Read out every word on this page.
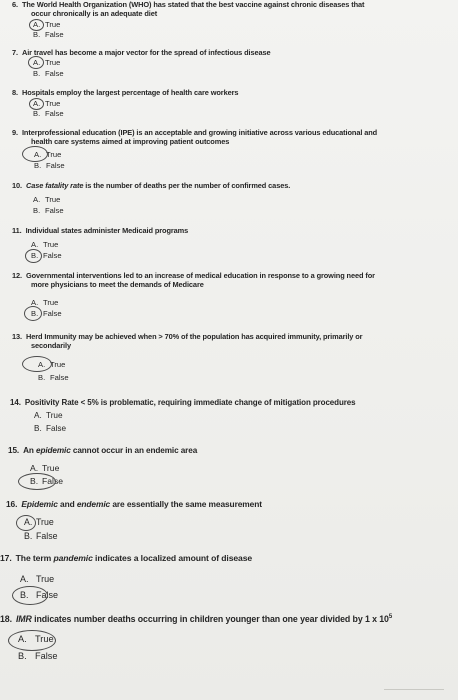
6. The World Health Organization (WHO) has stated that the best vaccine against chronic diseases that
occur chronically is an adequate diet
A. True
B. False
7. Air travel has become a major vector for the spread of infectious disease
A. True
B. False
8. Hospitals employ the largest percentage of health care workers
A. True
B. False
9. Interprofessional education (IPE) is an acceptable and growing initiative across various educational and
health care systems aimed at improving patient outcomes
A. True
B. False
10. Case fatality rate is the number of deaths per the number of confirmed cases.
A. True
B. False
11. Individual states administer Medicaid programs
A. True
B. False
12. Governmental interventions led to an increase of medical education in response to a growing need for
more physicians to meet the demands of Medicare
A. True
B. False
13. Herd Immunity may be achieved when > 70% of the population has acquired immunity, primarily or
secondarily
A. True
B. False
14. Positivity Rate < 5% is problematic, requiring immediate change of mitigation procedures
A. True
B. False
15. An epidemic cannot occur in an endemic area
A. True
B. False
16. Epidemic and endemic are essentially the same measurement
A. True
B. False
17. The term pandemic indicates a localized amount of disease
A. True
B. False
18. IMR indicates number deaths occurring in children younger than one year divided by 1 x $10^5$
A. True
B. False
